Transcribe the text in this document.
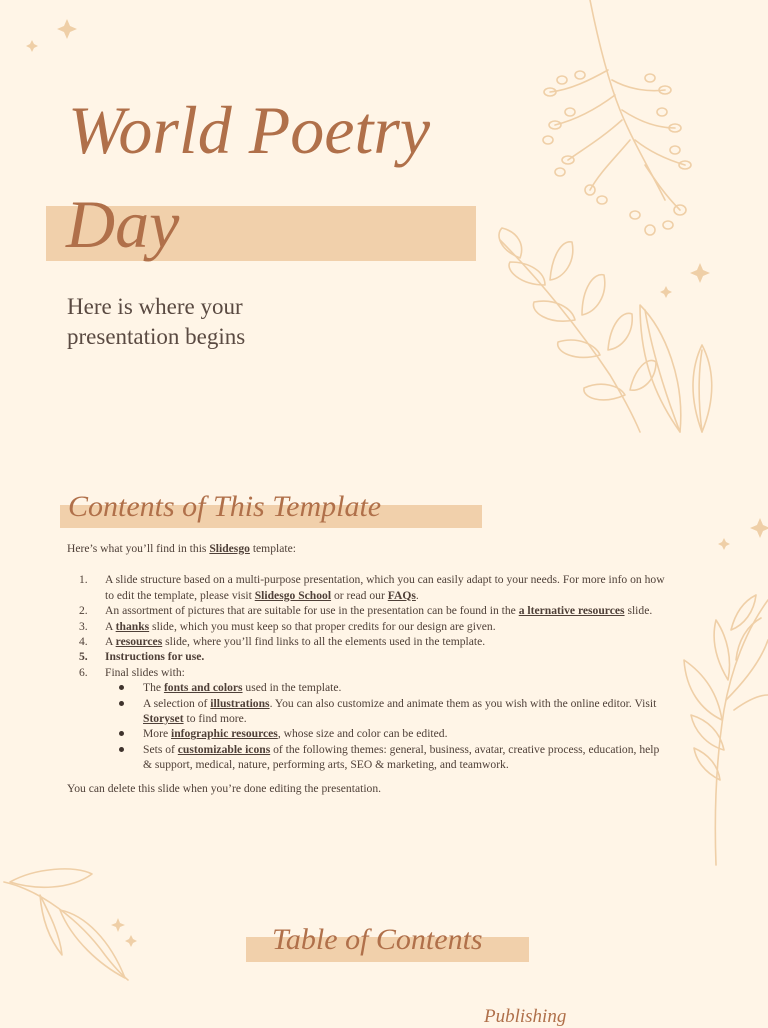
World Poetry
Day
Here is where your presentation begins
Contents of This Template
Here’s what you’ll find in this Slidesgo template:
1. A slide structure based on a multi-purpose presentation, which you can easily adapt to your needs. For more info on how to edit the template, please visit Slidesgo School or read our FAQs.
2. An assortment of pictures that are suitable for use in the presentation can be found in the a lternative resources slide.
3. A thanks slide, which you must keep so that proper credits for our design are given.
4. A resources slide, where you’ll find links to all the elements used in the template.
5. Instructions for use.
6. Final slides with:
The fonts and colors used in the template.
A selection of illustrations. You can also customize and animate them as you wish with the online editor. Visit Storyset to find more.
More infographic resources, whose size and color can be edited.
Sets of customizable icons of the following themes: general, business, avatar, creative process, education, help & support, medical, nature, performing arts, SEO & marketing, and teamwork.
You can delete this slide when you’re done editing the presentation.
Table of Contents
Publishing
